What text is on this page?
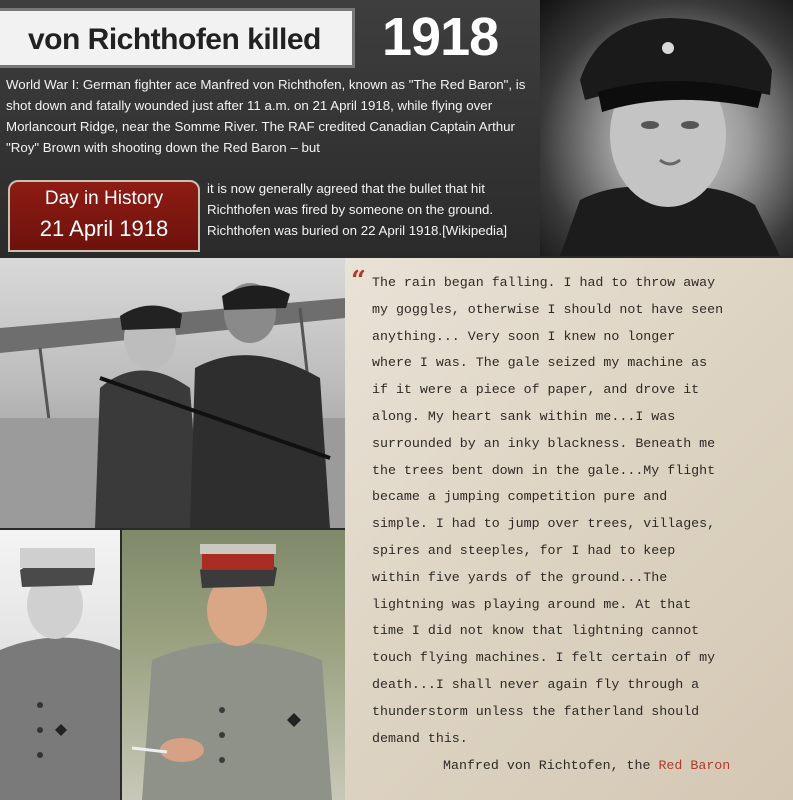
von Richthofen killed 1918
World War I: German fighter ace Manfred von Richthofen, known as "The Red Baron", is shot down and fatally wounded just after 11 a.m. on 21 April 1918, while flying over Morlancourt Ridge, near the Somme River. The RAF credited Canadian Captain Arthur "Roy" Brown with shooting down the Red Baron – but
Day in History
21 April 1918
it is now generally agreed that the bullet that hit Richthofen was fired by someone on the ground. Richthofen was buried on 22 April 1918.[Wikipedia]
“ The rain began falling. I had to throw away
my goggles, otherwise I should not have seen
anything... Very soon I knew no longer
where I was. The gale seized my machine as
if it were a piece of paper, and drove it
along. My heart sank within me...I was
surrounded by an inky blackness. Beneath me
the trees bent down in the gale...My flight
became a jumping competition pure and
simple. I had to jump over trees, villages,
spires and steeples, for I had to keep
within five yards of the ground...The
lightning was playing around me. At that
time I did not know that lightning cannot
touch flying machines. I felt certain of my
death...I shall never again fly through a
thunderstorm unless the fatherland should
demand this.
Manfred von Richtofen, the Red Baron
